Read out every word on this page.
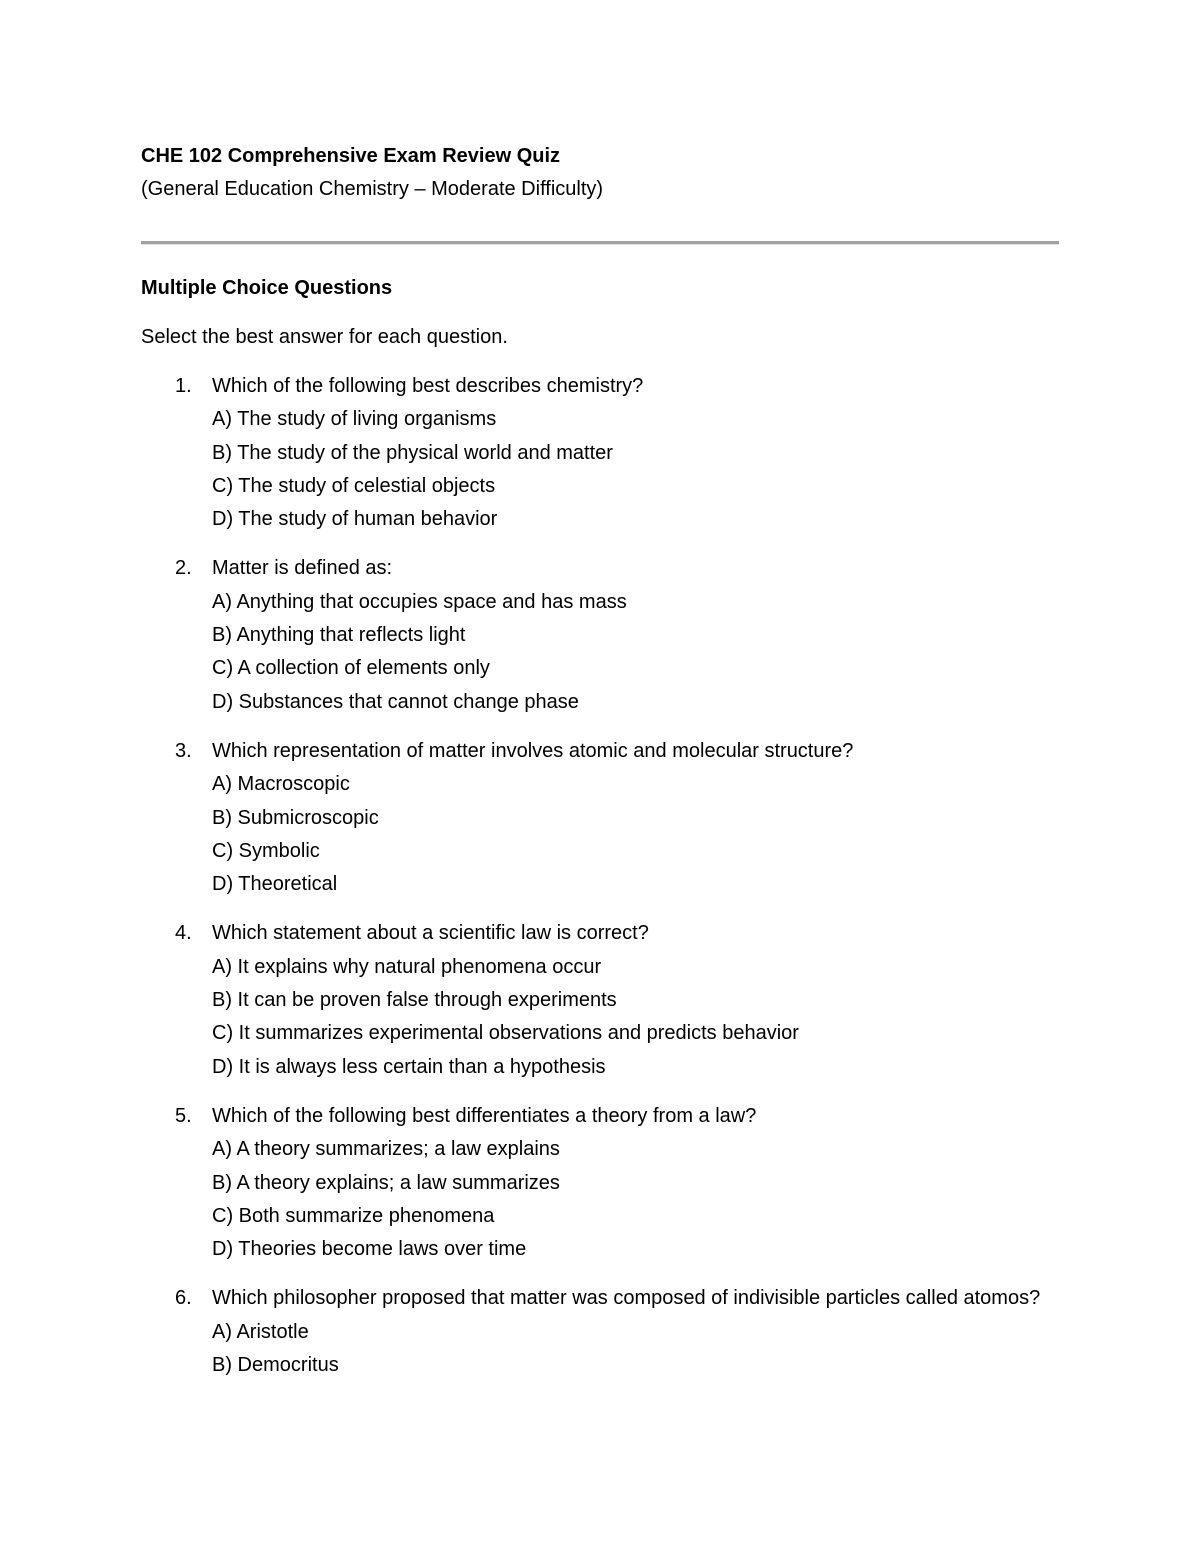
CHE 102 Comprehensive Exam Review Quiz
(General Education Chemistry – Moderate Difficulty)
Multiple Choice Questions
Select the best answer for each question.
1. Which of the following best describes chemistry?
A) The study of living organisms
B) The study of the physical world and matter
C) The study of celestial objects
D) The study of human behavior
2. Matter is defined as:
A) Anything that occupies space and has mass
B) Anything that reflects light
C) A collection of elements only
D) Substances that cannot change phase
3. Which representation of matter involves atomic and molecular structure?
A) Macroscopic
B) Submicroscopic
C) Symbolic
D) Theoretical
4. Which statement about a scientific law is correct?
A) It explains why natural phenomena occur
B) It can be proven false through experiments
C) It summarizes experimental observations and predicts behavior
D) It is always less certain than a hypothesis
5. Which of the following best differentiates a theory from a law?
A) A theory summarizes; a law explains
B) A theory explains; a law summarizes
C) Both summarize phenomena
D) Theories become laws over time
6. Which philosopher proposed that matter was composed of indivisible particles called atomos?
A) Aristotle
B) Democritus
